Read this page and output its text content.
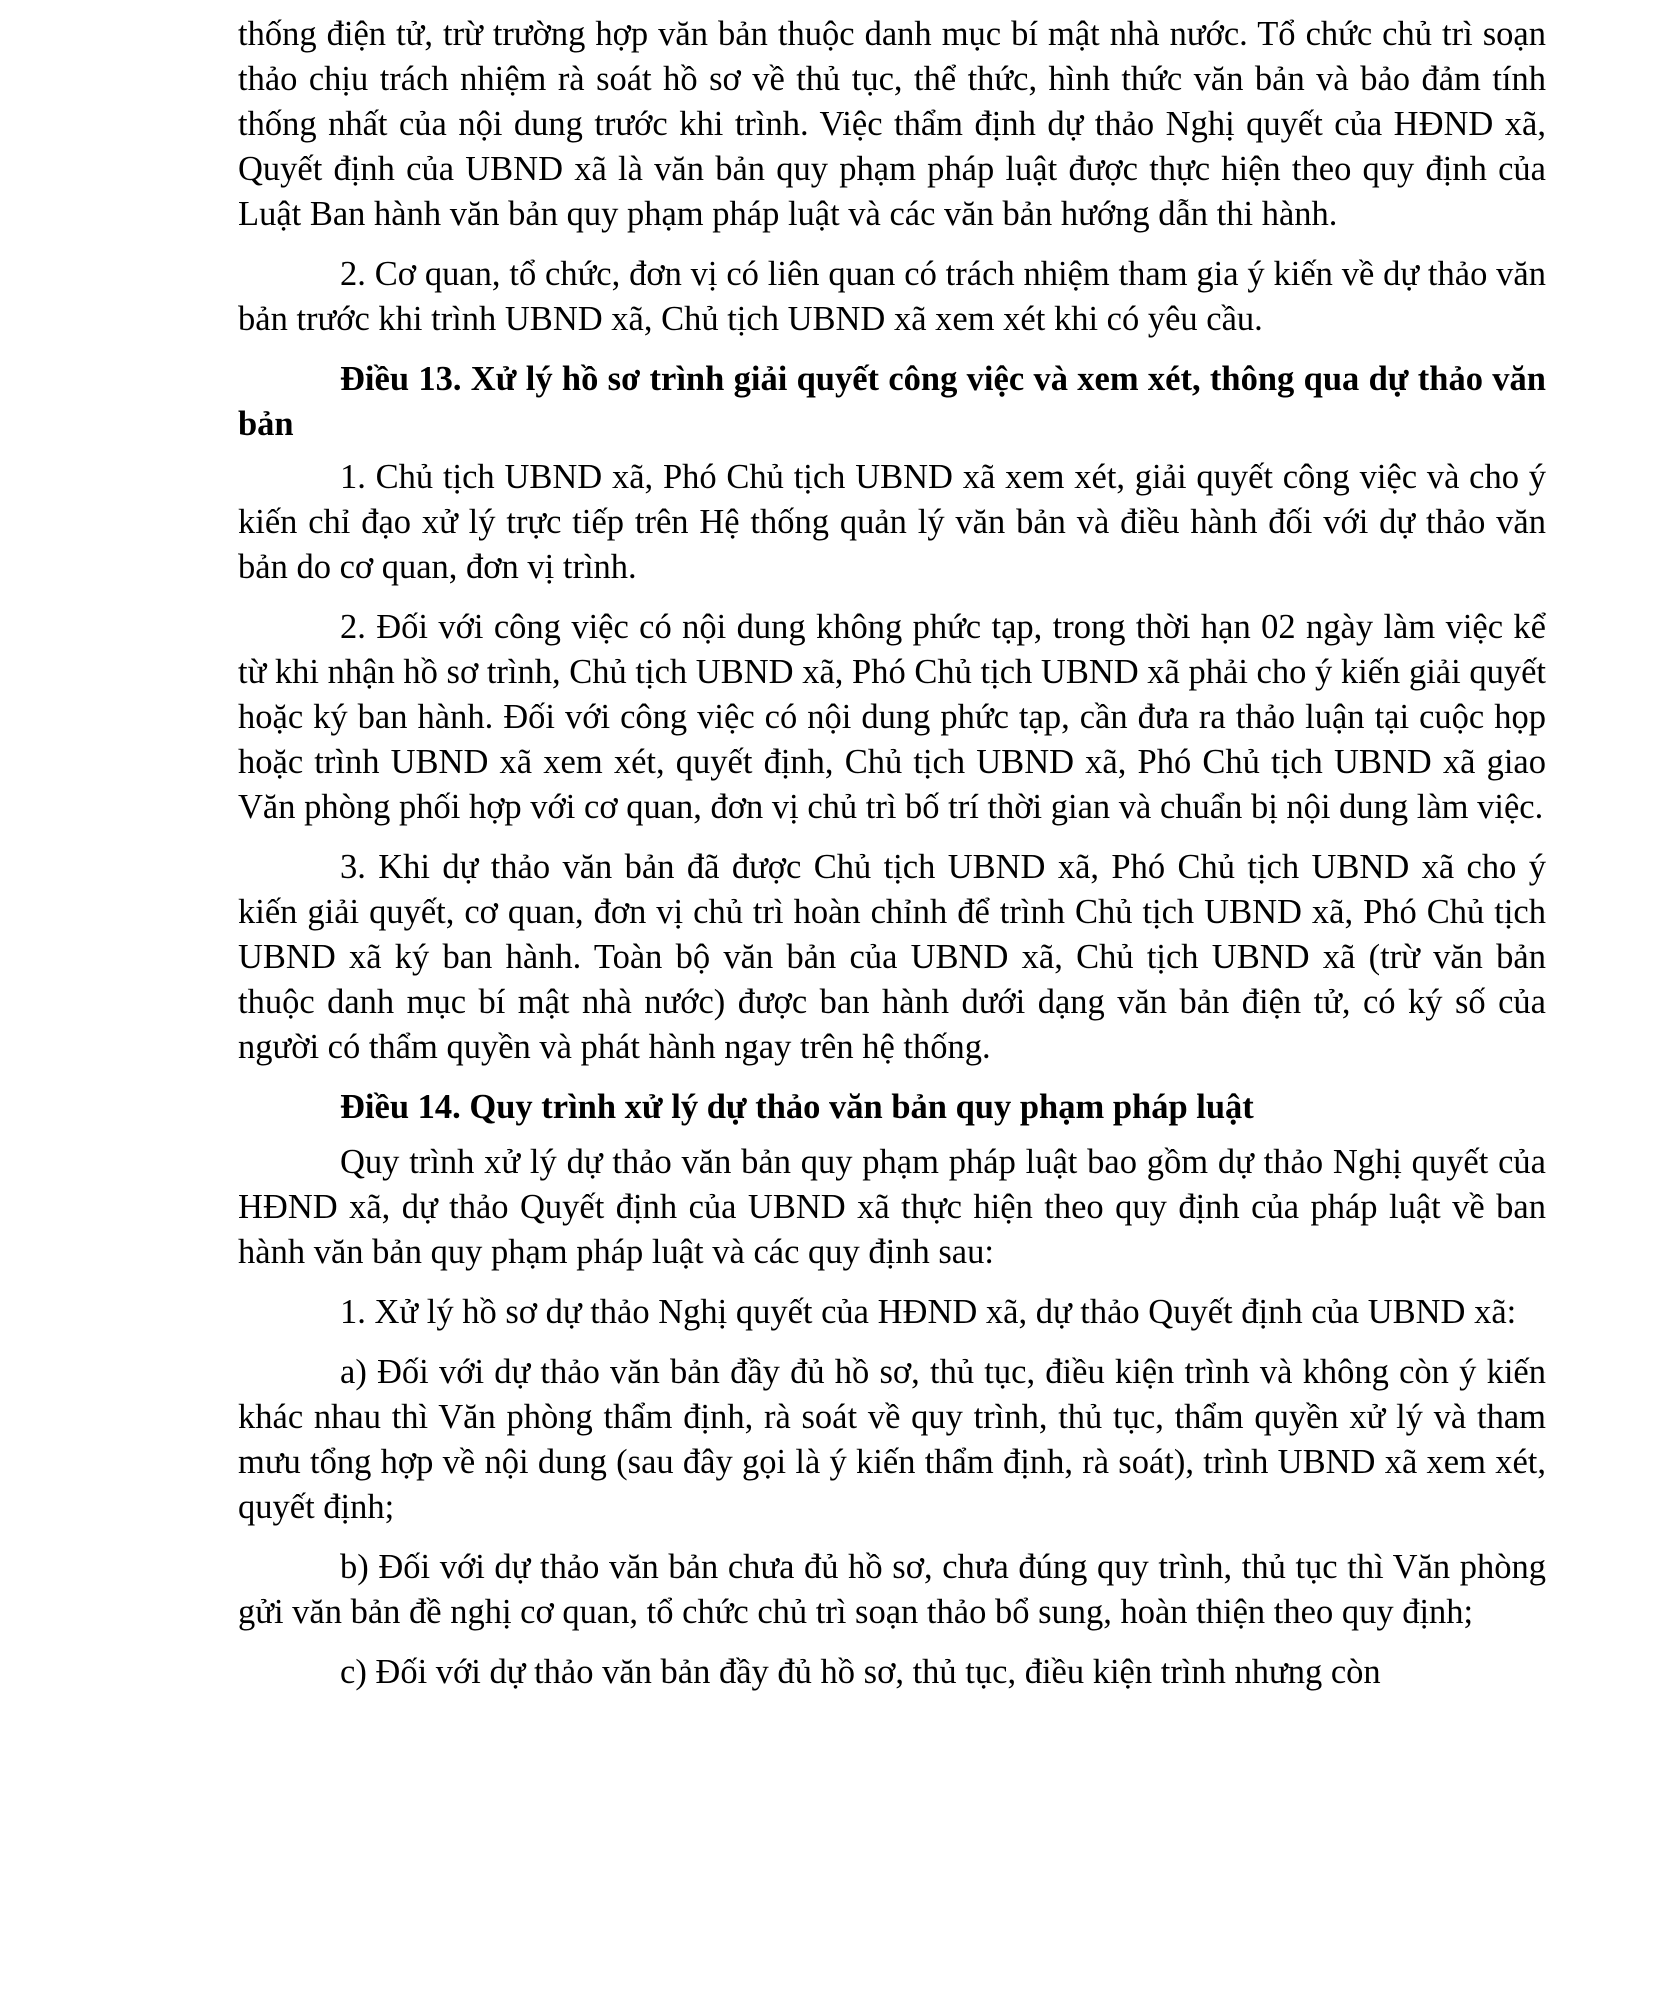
thống điện tử, trừ trường hợp văn bản thuộc danh mục bí mật nhà nước. Tổ chức chủ trì soạn thảo chịu trách nhiệm rà soát hồ sơ về thủ tục, thể thức, hình thức văn bản và bảo đảm tính thống nhất của nội dung trước khi trình. Việc thẩm định dự thảo Nghị quyết của HĐND xã, Quyết định của UBND xã là văn bản quy phạm pháp luật được thực hiện theo quy định của Luật Ban hành văn bản quy phạm pháp luật và các văn bản hướng dẫn thi hành.

2. Cơ quan, tổ chức, đơn vị có liên quan có trách nhiệm tham gia ý kiến về dự thảo văn bản trước khi trình UBND xã, Chủ tịch UBND xã xem xét khi có yêu cầu.

Điều 13. Xử lý hồ sơ trình giải quyết công việc và xem xét, thông qua dự thảo văn bản

1. Chủ tịch UBND xã, Phó Chủ tịch UBND xã xem xét, giải quyết công việc và cho ý kiến chỉ đạo xử lý trực tiếp trên Hệ thống quản lý văn bản và điều hành đối với dự thảo văn bản do cơ quan, đơn vị trình.

2. Đối với công việc có nội dung không phức tạp, trong thời hạn 02 ngày làm việc kể từ khi nhận hồ sơ trình, Chủ tịch UBND xã, Phó Chủ tịch UBND xã phải cho ý kiến giải quyết hoặc ký ban hành. Đối với công việc có nội dung phức tạp, cần đưa ra thảo luận tại cuộc họp hoặc trình UBND xã xem xét, quyết định, Chủ tịch UBND xã, Phó Chủ tịch UBND xã giao Văn phòng phối hợp với cơ quan, đơn vị chủ trì bố trí thời gian và chuẩn bị nội dung làm việc.

3. Khi dự thảo văn bản đã được Chủ tịch UBND xã, Phó Chủ tịch UBND xã cho ý kiến giải quyết, cơ quan, đơn vị chủ trì hoàn chỉnh để trình Chủ tịch UBND xã, Phó Chủ tịch UBND xã ký ban hành. Toàn bộ văn bản của UBND xã, Chủ tịch UBND xã (trừ văn bản thuộc danh mục bí mật nhà nước) được ban hành dưới dạng văn bản điện tử, có ký số của người có thẩm quyền và phát hành ngay trên hệ thống.

Điều 14. Quy trình xử lý dự thảo văn bản quy phạm pháp luật

Quy trình xử lý dự thảo văn bản quy phạm pháp luật bao gồm dự thảo Nghị quyết của HĐND xã, dự thảo Quyết định của UBND xã thực hiện theo quy định của pháp luật về ban hành văn bản quy phạm pháp luật và các quy định sau:

1. Xử lý hồ sơ dự thảo Nghị quyết của HĐND xã, dự thảo Quyết định của UBND xã:

a) Đối với dự thảo văn bản đầy đủ hồ sơ, thủ tục, điều kiện trình và không còn ý kiến khác nhau thì Văn phòng thẩm định, rà soát về quy trình, thủ tục, thẩm quyền xử lý và tham mưu tổng hợp về nội dung (sau đây gọi là ý kiến thẩm định, rà soát), trình UBND xã xem xét, quyết định;

b) Đối với dự thảo văn bản chưa đủ hồ sơ, chưa đúng quy trình, thủ tục thì Văn phòng gửi văn bản đề nghị cơ quan, tổ chức chủ trì soạn thảo bổ sung, hoàn thiện theo quy định;

c) Đối với dự thảo văn bản đầy đủ hồ sơ, thủ tục, điều kiện trình nhưng còn
